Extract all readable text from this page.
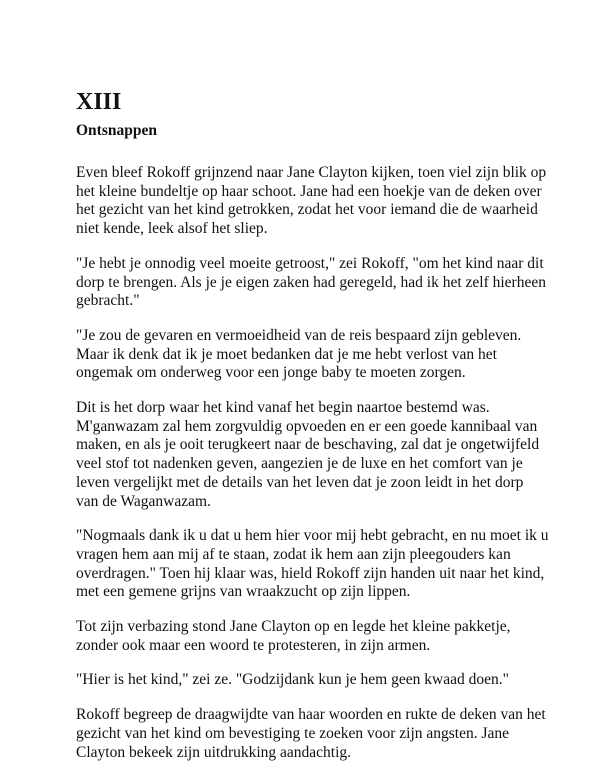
XIII
Ontsnappen

Even bleef Rokoff grijnzend naar Jane Clayton kijken, toen viel zijn blik op
het kleine bundeltje op haar schoot. Jane had een hoekje van de deken over
het gezicht van het kind getrokken, zodat het voor iemand die de waarheid
niet kende, leek alsof het sliep.

"Je hebt je onnodig veel moeite getroost," zei Rokoff, "om het kind naar dit
dorp te brengen. Als je je eigen zaken had geregeld, had ik het zelf hierheen
gebracht."

"Je zou de gevaren en vermoeidheid van de reis bespaard zijn gebleven.
Maar ik denk dat ik je moet bedanken dat je me hebt verlost van het
ongemak om onderweg voor een jonge baby te moeten zorgen.

Dit is het dorp waar het kind vanaf het begin naartoe bestemd was.
M'ganwazam zal hem zorgvuldig opvoeden en er een goede kannibaal van
maken, en als je ooit terugkeert naar de beschaving, zal dat je ongetwijfeld
veel stof tot nadenken geven, aangezien je de luxe en het comfort van je
leven vergelijkt met de details van het leven dat je zoon leidt in het dorp
van de Waganwazam.

"Nogmaals dank ik u dat u hem hier voor mij hebt gebracht, en nu moet ik u
vragen hem aan mij af te staan, zodat ik hem aan zijn pleegouders kan
overdragen." Toen hij klaar was, hield Rokoff zijn handen uit naar het kind,
met een gemene grijns van wraakzucht op zijn lippen.

Tot zijn verbazing stond Jane Clayton op en legde het kleine pakketje,
zonder ook maar een woord te protesteren, in zijn armen.

"Hier is het kind," zei ze. "Godzijdank kun je hem geen kwaad doen."

Rokoff begreep de draagwijdte van haar woorden en rukte de deken van het
gezicht van het kind om bevestiging te zoeken voor zijn angsten. Jane
Clayton bekeek zijn uitdrukking aandachtig.
